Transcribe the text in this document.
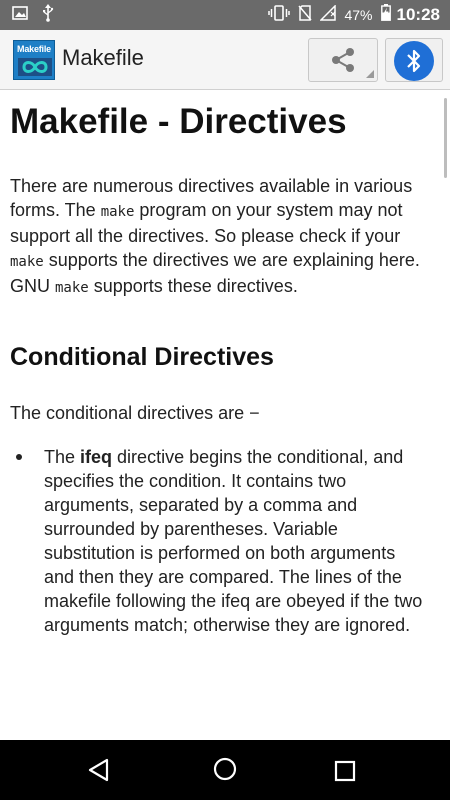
47% 10:28
Makefile Makefile
Makefile - Directives

There are numerous directives available in various forms. The make program on your system may not support all the directives. So please check if your make supports the directives we are explaining here. GNU make supports these directives.

Conditional Directives

The conditional directives are −

The ifeq directive begins the conditional, and specifies the condition. It contains two arguments, separated by a comma and surrounded by parentheses. Variable substitution is performed on both arguments and then they are compared. The lines of the makefile following the ifeq are obeyed if the two arguments match; otherwise they are ignored.
